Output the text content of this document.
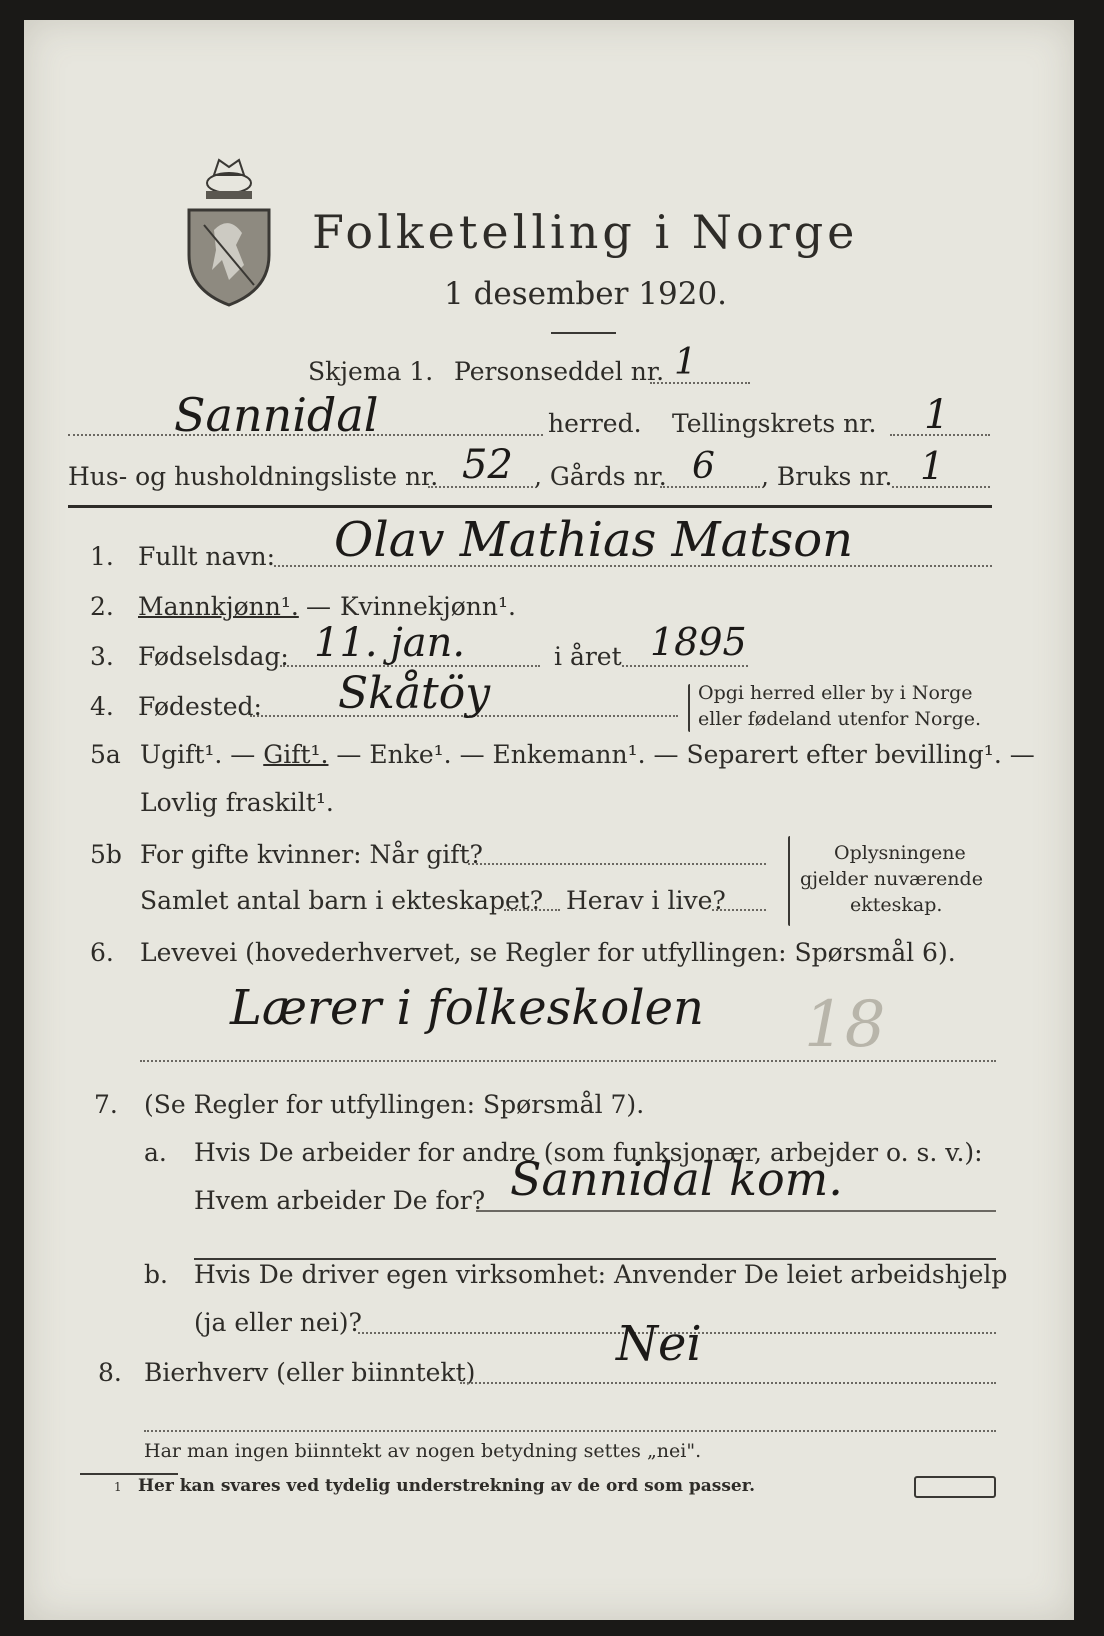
Folketelling i Norge
1 desember 1920.
Skjema 1. Personseddel nr. 1
Sannidal	herred. Tellingskrets nr. 1
Hus- og husholdningsliste nr. 52 , Gårds nr. 6 , Bruks nr. 1
1. Fullt navn: Olav Mathias Matson
2. Mannkjønn¹. — Kvinnekjønn¹.
3. Fødselsdag: 11. jan.	i året 1895
4. Fødested: Skåtöy	Opgi herred eller by i Norge
eller fødeland utenfor Norge.
5a Ugift¹. — Gift¹. — Enke¹. — Enkemann¹. — Separert efter bevilling¹. —
Lovlig fraskilt¹.
5b For gifte kvinner: Når gift?
Samlet antal barn i ekteskapet? Herav i live?
Oplysningene
gjelder nuværende
ekteskap.
6. Levevei (hovederhvervet, se Regler for utfyllingen: Spørsmål 6).
Lærer i folkeskolen 18
7. (Se Regler for utfyllingen: Spørsmål 7).
a. Hvis De arbeider for andre (som funksjonær, arbejder o. s. v.):
Hvem arbeider De for? Sannidal kom.
b. Hvis De driver egen virksomhet: Anvender De leiet arbeidshjelp
(ja eller nei)?
8. Bierhverv (eller biinntekt)
Nei
Har man ingen biinntekt av nogen betydning settes „nei".
1 Her kan svares ved tydelig understrekning av de ord som passer.
